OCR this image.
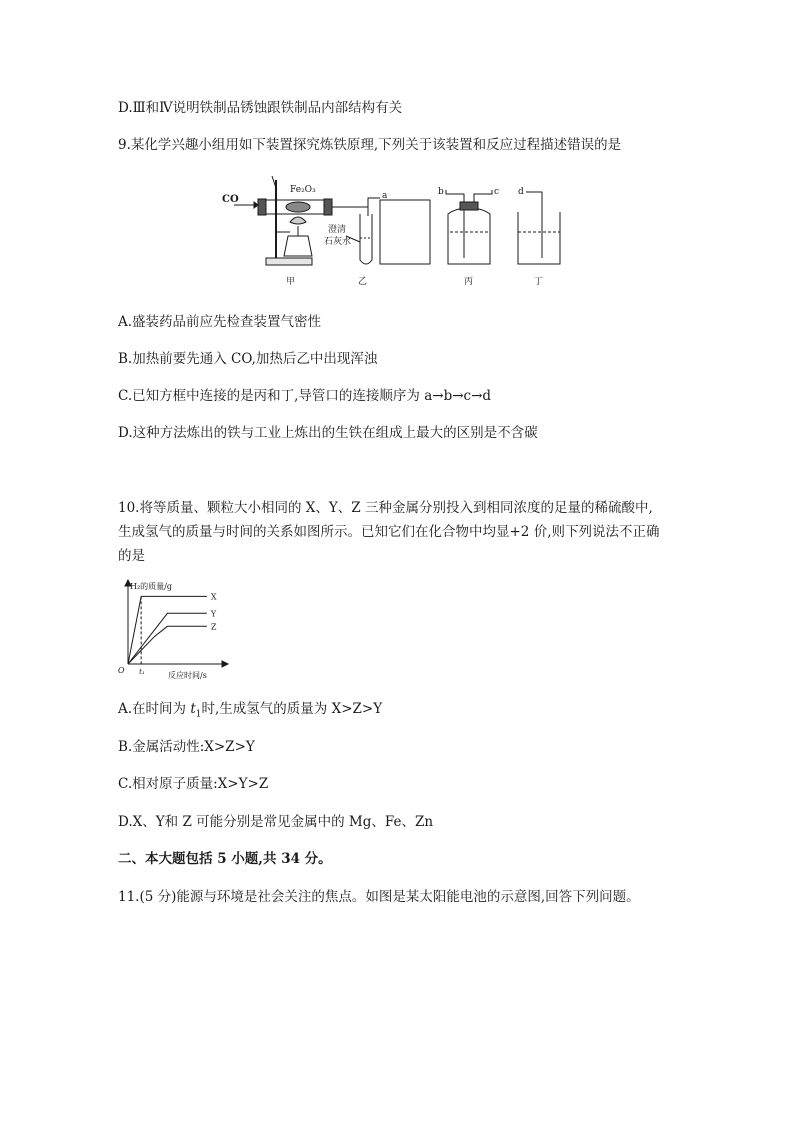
D.Ⅲ和Ⅳ说明铁制品锈蚀跟铁制品内部结构有关
9.某化学兴趣小组用如下装置探究炼铁原理,下列关于该装置和反应过程描述错误的是
CO
Fe₂O₃
澄清
石灰水
a	b	c d
甲	乙	丙	丁
A.盛装药品前应先检查装置气密性
B.加热前要先通入 CO,加热后乙中出现浑浊
C.已知方框中连接的是丙和丁,导管口的连接顺序为 a→b→c→d
D.这种方法炼出的铁与工业上炼出的生铁在组成上最大的区别是不含碳
10.将等质量、颗粒大小相同的 X、Y、Z 三种金属分别投入到相同浓度的足量的稀硫酸中,
生成氢气的质量与时间的关系如图所示。已知它们在化合物中均显+2 价,则下列说法不正确
的是
H₂的质量/g
反应时间/s
O t₁
X
Y
Z
A.在时间为 $t_1$时,生成氢气的质量为 X>Z>Y
B.金属活动性:X>Z>Y
C.相对原子质量:X>Y>Z
D.X、Y和 Z 可能分别是常见金属中的 Mg、Fe、Zn
二、本大题包括 5 小题,共 34 分。
11.(5 分)能源与环境是社会关注的焦点。如图是某太阳能电池的示意图,回答下列问题。
